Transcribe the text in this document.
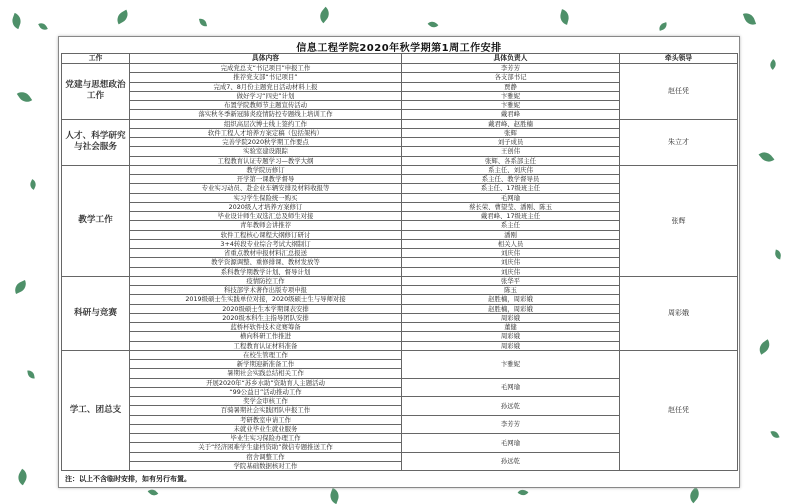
信息工程学院2020年秋学期第1周工作安排
工作	具体内容	具体负责人	牵头领导
党建与思想政治工作	完成党总支“书记项目”申报工作	李芳芳	赵任凭
	推荐党支部“书记项目”	各支部书记	
	完成7、8月份主题党日活动材料上报	贾静	
	做好学习“四史”计划	卞雅妮	
	布置学院教师节主题宣传活动	卞雅妮	
	落实秋冬季新冠肺炎疫情防控专题线上培训工作	戴君峰	
人才、科学研究与社会服务	组织高层次博士线上签约工作	戴君峰、赵胜楠	朱立才
	软件工程人才培养方案定稿（包括架构）	张辉	
	完善学院2020秋学期工作要点	刘子成员	
	实验室建设跟踪	王创伟	
	工程教育认证专题学习—教学大纲	张辉、各系部主任	
教学工作	教学院历修订	系主任、刘庆伟	张辉
	开学第一课教学督导	系主任、教学督导员	
	专业实习动员、赴企业车辆安排及材料收报等	系主任、17级班主任	
	实习学生保险统一购买	毛网瑜	
	2020级人才培养方案修订	蔡长荣、曹望莹、潘刚、陈玉	
	毕业设计师生双选汇总及师生对接	戴君峰、17级班主任	
	青年教师会讲推荐	系主任	
	软件工程核心课程大纲修订研讨	潘刚	
	3+4转段专业综合考试大纲制订	相关人员	
	省重点教材申报材料汇总报送	刘庆伟	
	教学资源调整、重修排课、教材发放等	刘庆伟	
	系科教学期教学计划、督导计划	刘庆伟	
科研与竞赛	疫情防控工作	张华平	周彩娥
	科技部学术著作出版专项申报	陈玉	
	2019级硕士生实践单位对接，2020级硕士生与导师对接	赵胜楠，周彩娥	
	2020级硕士生本学期课表安排	赵胜楠，周彩娥	
	2020级本科生主指导团队安排	周彩娥	
	蓝桥杯软件技术竞赛筹备	董健	
	横向科研工作推进	周彩娥	
	工程教育认证材料准备	周彩娥	
学工、团总支	在校生管理工作	卞雅妮	赵任凭
	新学期迎新准备工作		
	暑期社会实践总结相关工作		
	开展2020年“苏乡水助”资助育人主题活动	毛网瑜	
	“99公益日”活动推动工作		
	奖学金审核工作	孙远乾	
	百骑暑期社会实践团队申报工作		
	考研教室申请工作	李芳芳	
	未就业毕业生就业服务		
	毕业生实习保险办理工作	毛网瑜	
	关于“经济困难学生建档资助”微信专题推送工作		
	宿舍调整工作	孙远乾	
	学院基础数据核对工作		
注：以上不含临时安排，如有另行布置。
